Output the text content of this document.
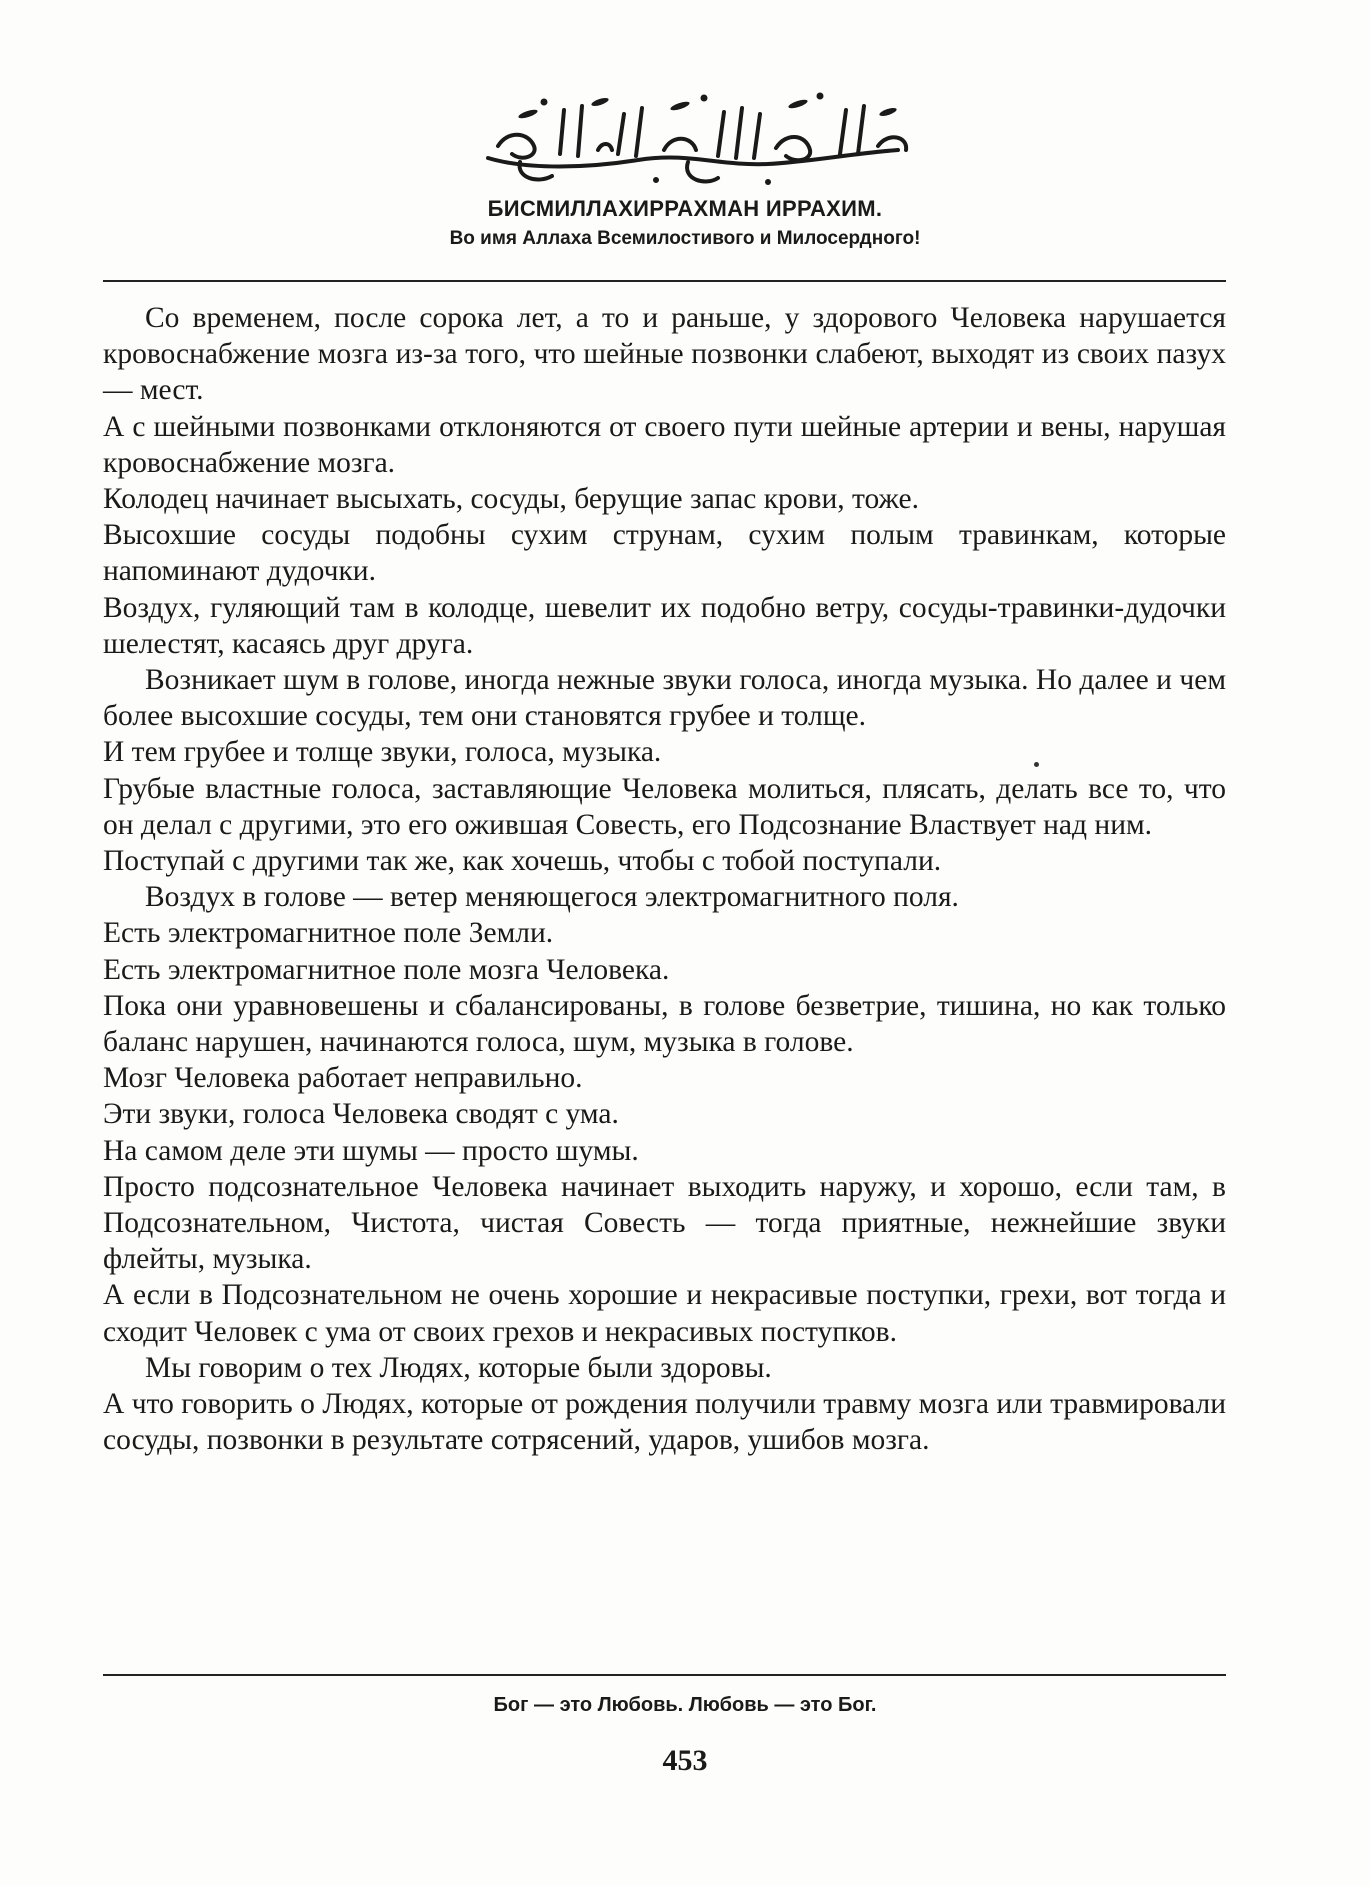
БИСМИЛЛАХИРРАХМАН ИРРАХИМ.
Во имя Аллаха Всемилостивого и Милосердного!

Со временем, после сорока лет, а то и раньше, у здорового Человека нарушается кровоснабжение мозга из-за того, что шейные позвонки слабеют, выходят из своих пазух — мест.

А с шейными позвонками отклоняются от своего пути шейные артерии и вены, нарушая кровоснабжение мозга.

Колодец начинает высыхать, сосуды, берущие запас крови, тоже.

Высохшие сосуды подобны сухим струнам, сухим полым травинкам, которые напоминают дудочки.

Воздух, гуляющий там в колодце, шевелит их подобно ветру, сосуды-травинки-дудочки шелестят, касаясь друг друга.

Возникает шум в голове, иногда нежные звуки голоса, иногда музыка. Но далее и чем более высохшие сосуды, тем они становятся грубее и толще.

И тем грубее и толще звуки, голоса, музыка.

Грубые властные голоса, заставляющие Человека молиться, плясать, делать все то, что он делал с другими, это его ожившая Совесть, его Подсознание Властвует над ним.

Поступай с другими так же, как хочешь, чтобы с тобой поступали.

Воздух в голове — ветер меняющегося электромагнитного поля.

Есть электромагнитное поле Земли.

Есть электромагнитное поле мозга Человека.

Пока они уравновешены и сбалансированы, в голове безветрие, тишина, но как только баланс нарушен, начинаются голоса, шум, музыка в голове.

Мозг Человека работает неправильно.

Эти звуки, голоса Человека сводят с ума.

На самом деле эти шумы — просто шумы.

Просто подсознательное Человека начинает выходить наружу, и хорошо, если там, в Подсознательном, Чистота, чистая Совесть — тогда приятные, нежнейшие звуки флейты, музыка.

А если в Подсознательном не очень хорошие и некрасивые поступки, грехи, вот тогда и сходит Человек с ума от своих грехов и некрасивых поступков.

Мы говорим о тех Людях, которые были здоровы.

А что говорить о Людях, которые от рождения получили травму мозга или травмировали сосуды, позвонки в результате сотрясений, ударов, ушибов мозга.

Бог — это Любовь. Любовь — это Бог.

453
